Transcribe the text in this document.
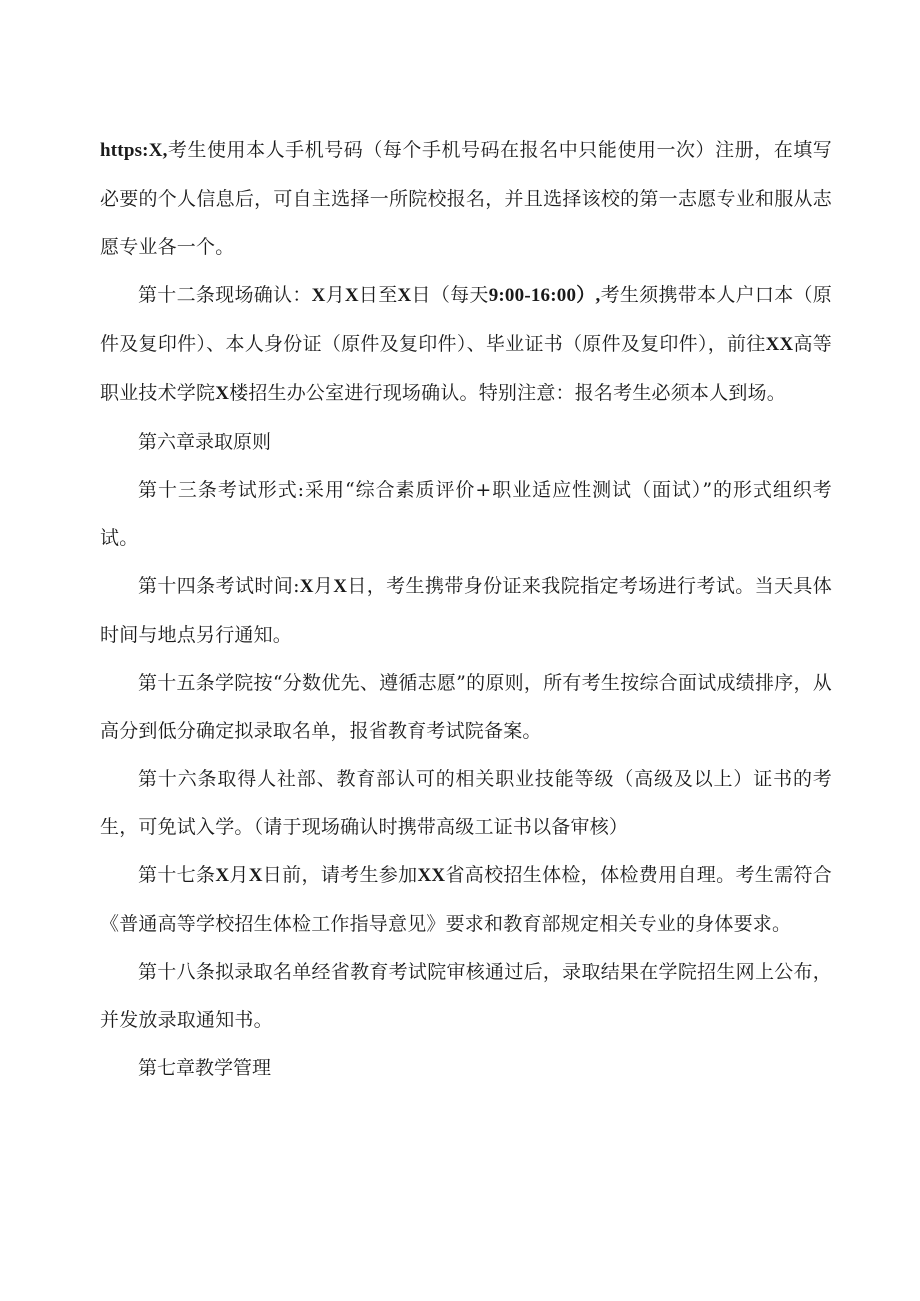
https:X,考生使用本人手机号码（每个手机号码在报名中只能使用一次）注册，在填写必要的个人信息后，可自主选择一所院校报名，并且选择该校的第一志愿专业和服从志愿专业各一个。

第十二条现场确认：X月X日至X日（每天9:00-16:00）,考生须携带本人户口本（原件及复印件）、本人身份证（原件及复印件）、毕业证书（原件及复印件），前往XX高等职业技术学院X楼招生办公室进行现场确认。特别注意：报名考生必须本人到场。

第六章录取原则

第十三条考试形式:采用“综合素质评价+职业适应性测试（面试）”的形式组织考试。

第十四条考试时间:X月X日，考生携带身份证来我院指定考场进行考试。当天具体时间与地点另行通知。

第十五条学院按“分数优先、遵循志愿”的原则，所有考生按综合面试成绩排序，从高分到低分确定拟录取名单，报省教育考试院备案。

第十六条取得人社部、教育部认可的相关职业技能等级（高级及以上）证书的考生，可免试入学。（请于现场确认时携带高级工证书以备审核）

第十七条X月X日前，请考生参加XX省高校招生体检，体检费用自理。考生需符合《普通高等学校招生体检工作指导意见》要求和教育部规定相关专业的身体要求。

第十八条拟录取名单经省教育考试院审核通过后，录取结果在学院招生网上公布，并发放录取通知书。

第七章教学管理
